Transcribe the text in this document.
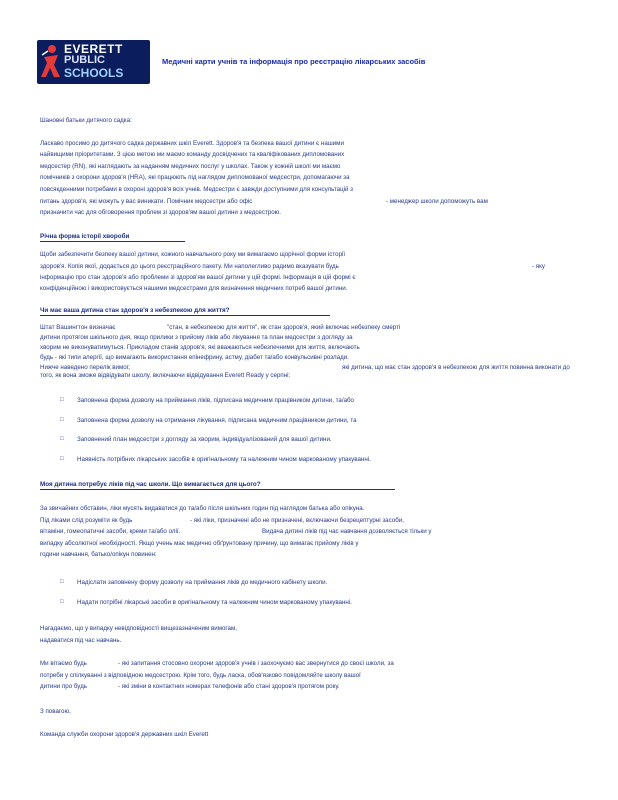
EVERETT
PUBLIC
SCHOOLS
Медичні карти учнів та інформація про реєстрацію лікарських засобів
Шановні батьки дитячого садка:
Ласкаво просимо до дитячого садка державних шкіл Everett. Здоров'я та безпека вашої дитини є нашими
найвищими пріоритетами. З цією метою ми маємо команду досвідчених та кваліфікованих дипломованих
медсестер (RN), які наглядають за наданням медичних послуг у школах. Також у кожній школі ми маємо
помічників з охорони здоров'я (HRA), які працюють під наглядом дипломованої медсестри, допомагаючи за
повсякденними потребами в охороні здоров'я всіх учнів. Медсестри є завжди доступними для консультацій з
питань здоров'я, які можуть у вас виникати. Помічник медсестри або офіс	- менеджер школи допоможуть вам
призначити час для обговорення проблем зі здоров'ям вашої дитини з медсестрою.
Річна форма історії хвороби
Щоби забезпечити безпеку вашої дитини, кожного навчального року ми вимагаємо щорічної форми історії
здоров'я. Копія якої, додається до цього реєстраційного пакету. Ми наполегливо радимо вказувати будь	- яку
інформацію про стан здоров'я або проблеми зі здоров'ям вашої дитини у цій формі. Інформація в цій формі є
конфіденційною і використовується нашими медсестрами для визначення медичних потреб вашої дитини.
Чи має ваша дитина стан здоров'я з небезпекою для життя?
Штат Вашингтон визначає	"стан, в небезпекою для життя", як стан здоров'я, який включає небезпеку смерті
дитини протягом шкільного дня, якщо прилики з прийому ліків або лікування та план медсестри з догляду за
хворим не виконуватимуться. Прикладом станів здоров'я, які вважаються небезпечними для життя, включають
будь - які типи алергії, що вимагають використання епінефрину, астму, діабет та/або конвульсивні розлади.
Нижче наведено перелік вимог,	які дитина, що має стан здоров'я в небезпекою для життя повинна виконати до
того, як вона зможе відвідувати школу, включаючи відвідування Everett Ready у серпні:
□ Заповнена форма дозволу на приймання ліків, підписана медичним працівником дитини, та/або
□ Заповнена форма дозволу на отримання лікування, підписана медичним працівником дитини, та
□ Заповнений план медсестри з догляду за хворим, індивідуалізований для вашої дитини.
□ Наявність потрібних лікарських засобів в оригінальному та належним чином маркованому упакуванні.
Моя дитина потребує ліків під час школи. Що вимагається для цього?
За звичайних обставин, ліки мусять видаватися до та/або після шкільних годин під наглядом батька або опікуна.
Під ліками слід розуміти як будь	- які ліки, призначені або не призначені, включаючи безрецептурні засоби,
вітаміни, гомеопатичні засоби, креми та/або олії.	Видача дитині ліків під час навчання дозволяється тільки у
випадку абсолютної необхідності. Якщо учень має медично обґрунтовану причину, що вимагає прийому ліків у
години навчання, батько/опікун повинен:
□ Надіслати заповнену форму дозволу на приймання ліків до медичного кабінету школи.
□ Надати потрібні лікарські засоби в оригінальному та належним чином маркованому упакуванні.
Нагадаємо, що у випадку невідповідності вищезазначеним вимогам,
надаватися під час навчань.
Ми вітаємо будь	- які запитання стосовно охорони здоров'я учнів і заохочуємо вас звернутися до своєї школи, за
потреби у спілкуванні з відповідною медсестрою. Крім того, будь ласка, обов'язково повідомляйте школу вашої
дитини про будь	- які зміни в контактних номерах телефонів або стані здоров'я протягом року.
З повагою,
Команда служби охорони здоров'я державних шкіл Everett
